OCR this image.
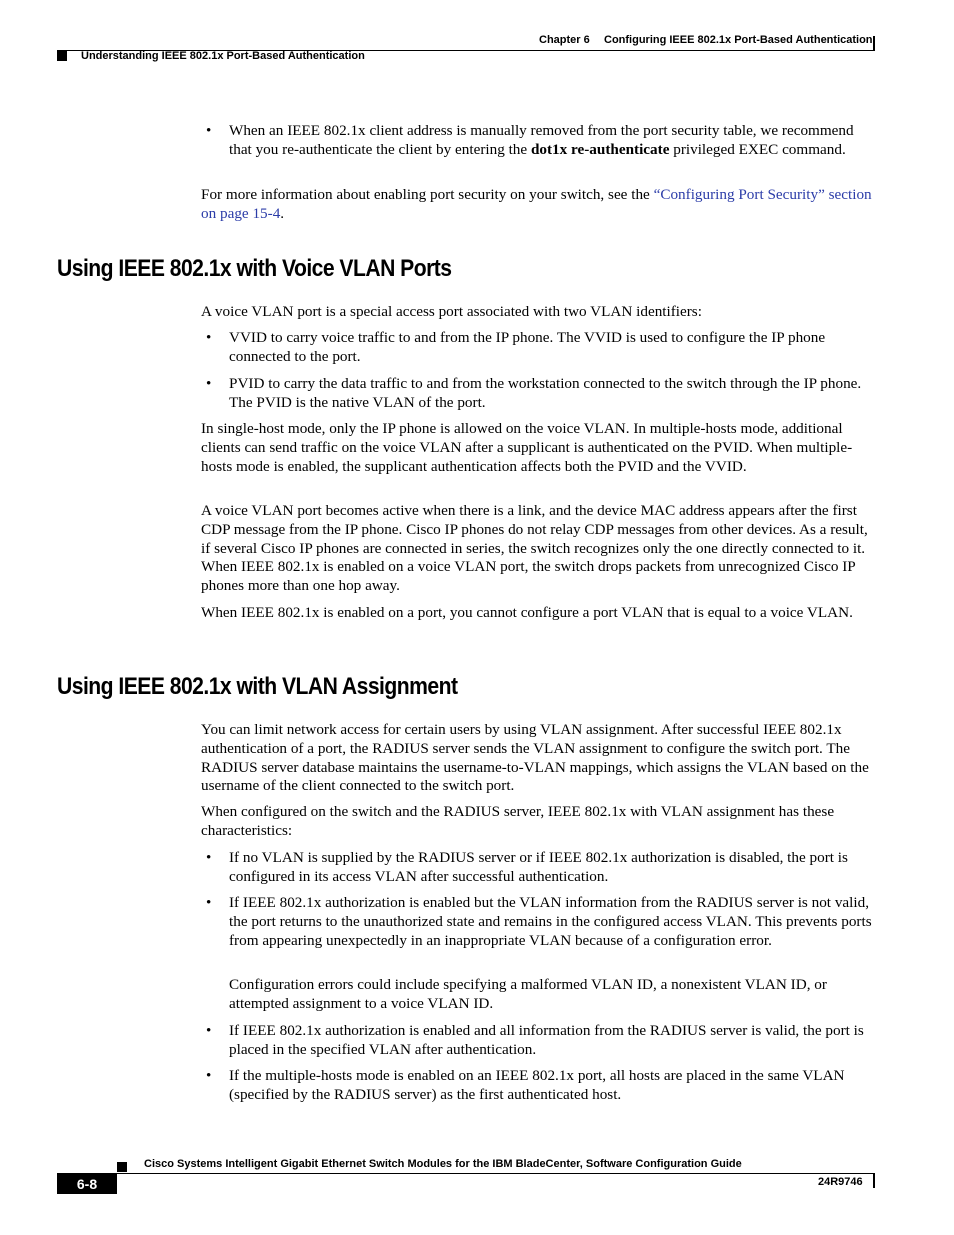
Chapter 6 Configuring IEEE 802.1x Port-Based Authentication
Understanding IEEE 802.1x Port-Based Authentication
• When an IEEE 802.1x client address is manually removed from the port security table, we recommend that you re-authenticate the client by entering the dot1x re-authenticate privileged EXEC command.
For more information about enabling port security on your switch, see the “Configuring Port Security” section on page 15-4.
Using IEEE 802.1x with Voice VLAN Ports
A voice VLAN port is a special access port associated with two VLAN identifiers:
• VVID to carry voice traffic to and from the IP phone. The VVID is used to configure the IP phone connected to the port.
• PVID to carry the data traffic to and from the workstation connected to the switch through the IP phone. The PVID is the native VLAN of the port.
In single-host mode, only the IP phone is allowed on the voice VLAN. In multiple-hosts mode, additional clients can send traffic on the voice VLAN after a supplicant is authenticated on the PVID. When multiple-hosts mode is enabled, the supplicant authentication affects both the PVID and the VVID.
A voice VLAN port becomes active when there is a link, and the device MAC address appears after the first CDP message from the IP phone. Cisco IP phones do not relay CDP messages from other devices. As a result, if several Cisco IP phones are connected in series, the switch recognizes only the one directly connected to it. When IEEE 802.1x is enabled on a voice VLAN port, the switch drops packets from unrecognized Cisco IP phones more than one hop away.
When IEEE 802.1x is enabled on a port, you cannot configure a port VLAN that is equal to a voice VLAN.
Using IEEE 802.1x with VLAN Assignment
You can limit network access for certain users by using VLAN assignment. After successful IEEE 802.1x authentication of a port, the RADIUS server sends the VLAN assignment to configure the switch port. The RADIUS server database maintains the username-to-VLAN mappings, which assigns the VLAN based on the username of the client connected to the switch port.
When configured on the switch and the RADIUS server, IEEE 802.1x with VLAN assignment has these characteristics:
• If no VLAN is supplied by the RADIUS server or if IEEE 802.1x authorization is disabled, the port is configured in its access VLAN after successful authentication.
• If IEEE 802.1x authorization is enabled but the VLAN information from the RADIUS server is not valid, the port returns to the unauthorized state and remains in the configured access VLAN. This prevents ports from appearing unexpectedly in an inappropriate VLAN because of a configuration error.
Configuration errors could include specifying a malformed VLAN ID, a nonexistent VLAN ID, or attempted assignment to a voice VLAN ID.
• If IEEE 802.1x authorization is enabled and all information from the RADIUS server is valid, the port is placed in the specified VLAN after authentication.
• If the multiple-hosts mode is enabled on an IEEE 802.1x port, all hosts are placed in the same VLAN (specified by the RADIUS server) as the first authenticated host.
Cisco Systems Intelligent Gigabit Ethernet Switch Modules for the IBM BladeCenter, Software Configuration Guide
6-8	24R9746
